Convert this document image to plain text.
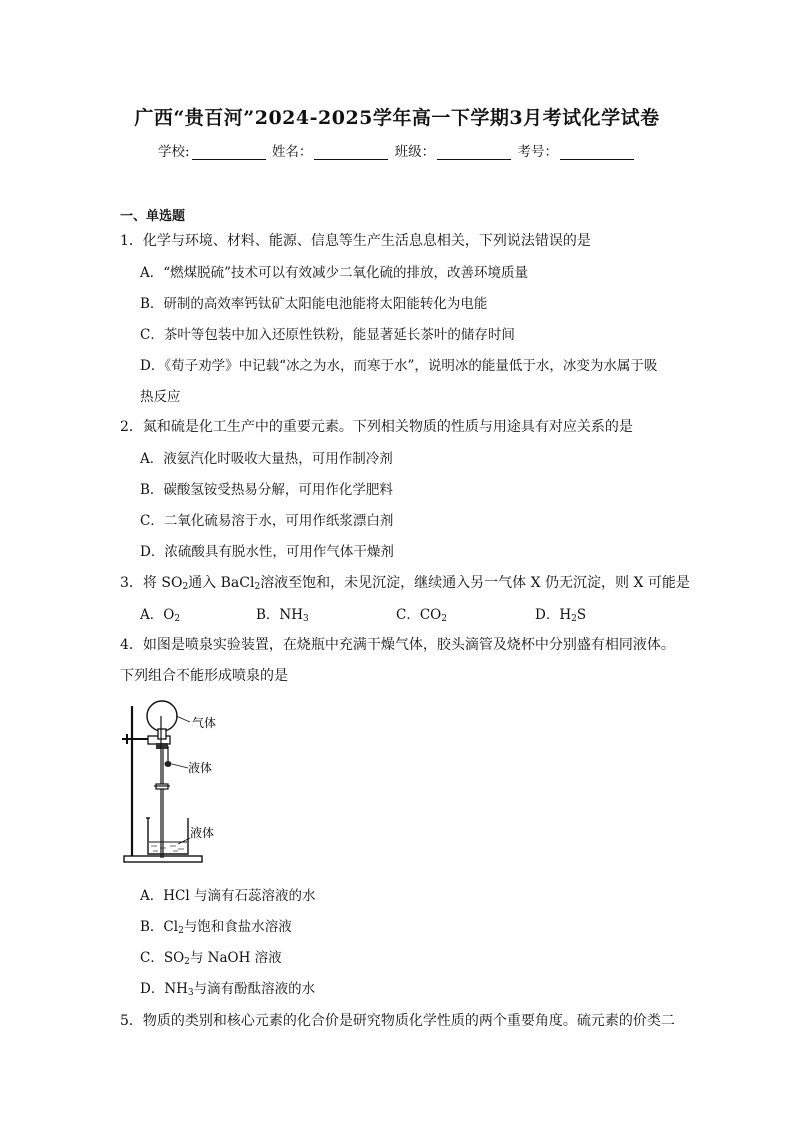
广西“贵百河”2024-2025学年高一下学期3月考试化学试卷
学校:	姓名：	班级：	考号：
一、单选题
1．化学与环境、材料、能源、信息等生产生活息息相关，下列说法错误的是
A．“燃煤脱硫”技术可以有效减少二氧化硫的排放，改善环境质量
B．研制的高效率钙钛矿太阳能电池能将太阳能转化为电能
C．茶叶等包装中加入还原性铁粉，能显著延长茶叶的储存时间
D．《荀子劝学》中记载“冰之为水，而寒于水”，说明冰的能量低于水，冰变为水属于吸
热反应
2．氮和硫是化工生产中的重要元素。下列相关物质的性质与用途具有对应关系的是
A．液氨汽化时吸收大量热，可用作制冷剂
B．碳酸氢铵受热易分解，可用作化学肥料
C．二氧化硫易溶于水，可用作纸浆漂白剂
D．浓硫酸具有脱水性，可用作气体干燥剂
3．将 $SO_2$通入 BaCl$_2$溶液至饱和，未见沉淀，继续通入另一气体 X 仍无沉淀，则 X 可能是
A．$O_2$	B．$NH_3$	C．$CO_2$	D．$H_2S$
4．如图是喷泉实验装置，在烧瓶中充满干燥气体，胶头滴管及烧杯中分别盛有相同液体。
下列组合不能形成喷泉的是
气体
液体
液体
A．HCl 与滴有石蕊溶液的水
B．$Cl_2$与饱和食盐水溶液
C．$SO_2$与 NaOH 溶液
D．$NH_3$与滴有酚酞溶液的水
5．物质的类别和核心元素的化合价是研究物质化学性质的两个重要角度。硫元素的价类二
